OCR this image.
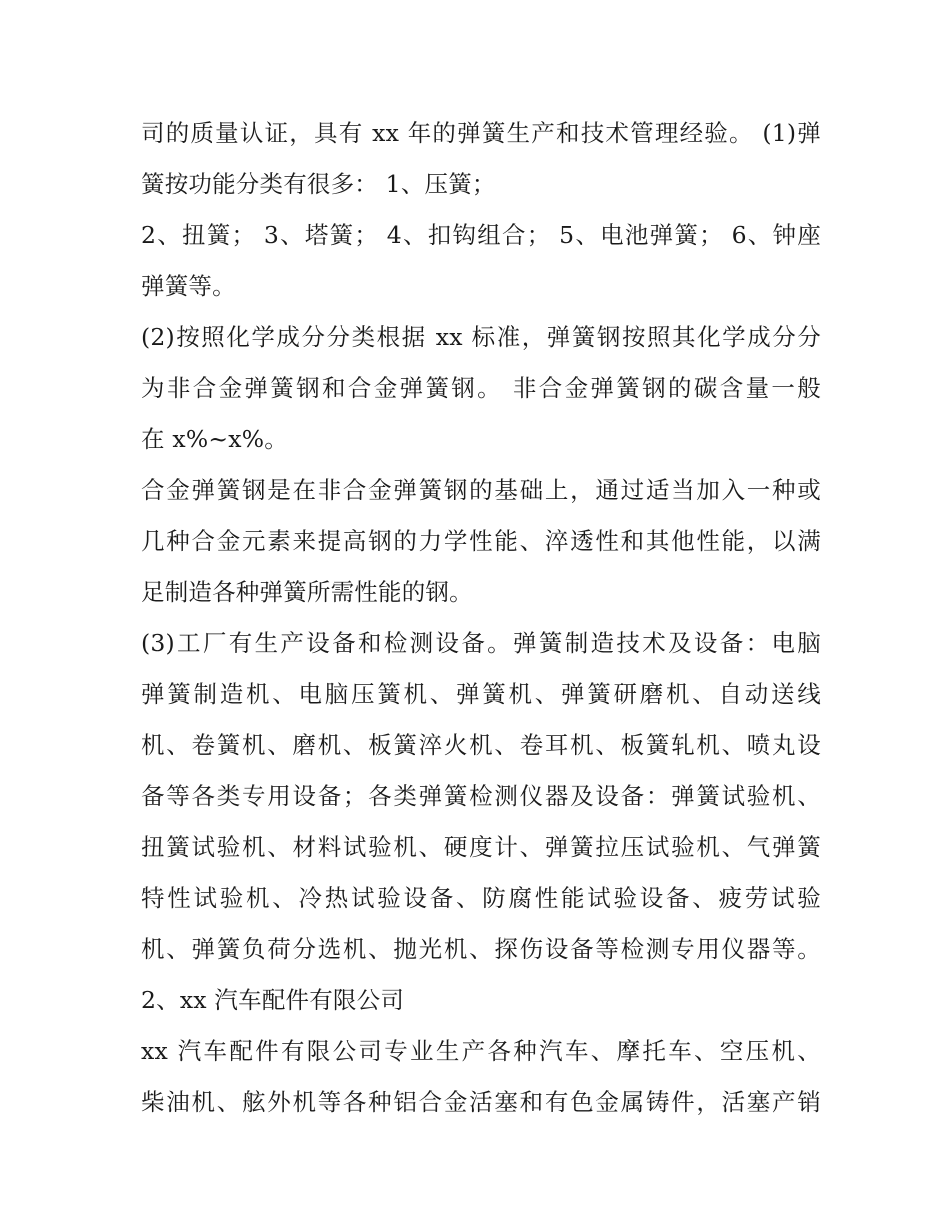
司的质量认证，具有 xx 年的弹簧生产和技术管理经验。 (1)弹
簧按功能分类有很多： 1、压簧；
2、扭簧； 3、塔簧； 4、扣钩组合； 5、电池弹簧； 6、钟座
弹簧等。
(2)按照化学成分分类根据 xx 标准，弹簧钢按照其化学成分分
为非合金弹簧钢和合金弹簧钢。 非合金弹簧钢的碳含量一般
在 x%~x%。
合金弹簧钢是在非合金弹簧钢的基础上，通过适当加入一种或
几种合金元素来提高钢的力学性能、淬透性和其他性能，以满
足制造各种弹簧所需性能的钢。
(3)工厂有生产设备和检测设备。弹簧制造技术及设备：电脑
弹簧制造机、电脑压簧机、弹簧机、弹簧研磨机、自动送线
机、卷簧机、磨机、板簧淬火机、卷耳机、板簧轧机、喷丸设
备等各类专用设备；各类弹簧检测仪器及设备：弹簧试验机、
扭簧试验机、材料试验机、硬度计、弹簧拉压试验机、气弹簧
特性试验机、冷热试验设备、防腐性能试验设备、疲劳试验
机、弹簧负荷分选机、抛光机、探伤设备等检测专用仪器等。
2、xx 汽车配件有限公司
xx 汽车配件有限公司专业生产各种汽车、摩托车、空压机、
柴油机、舷外机等各种铝合金活塞和有色金属铸件，活塞产销
